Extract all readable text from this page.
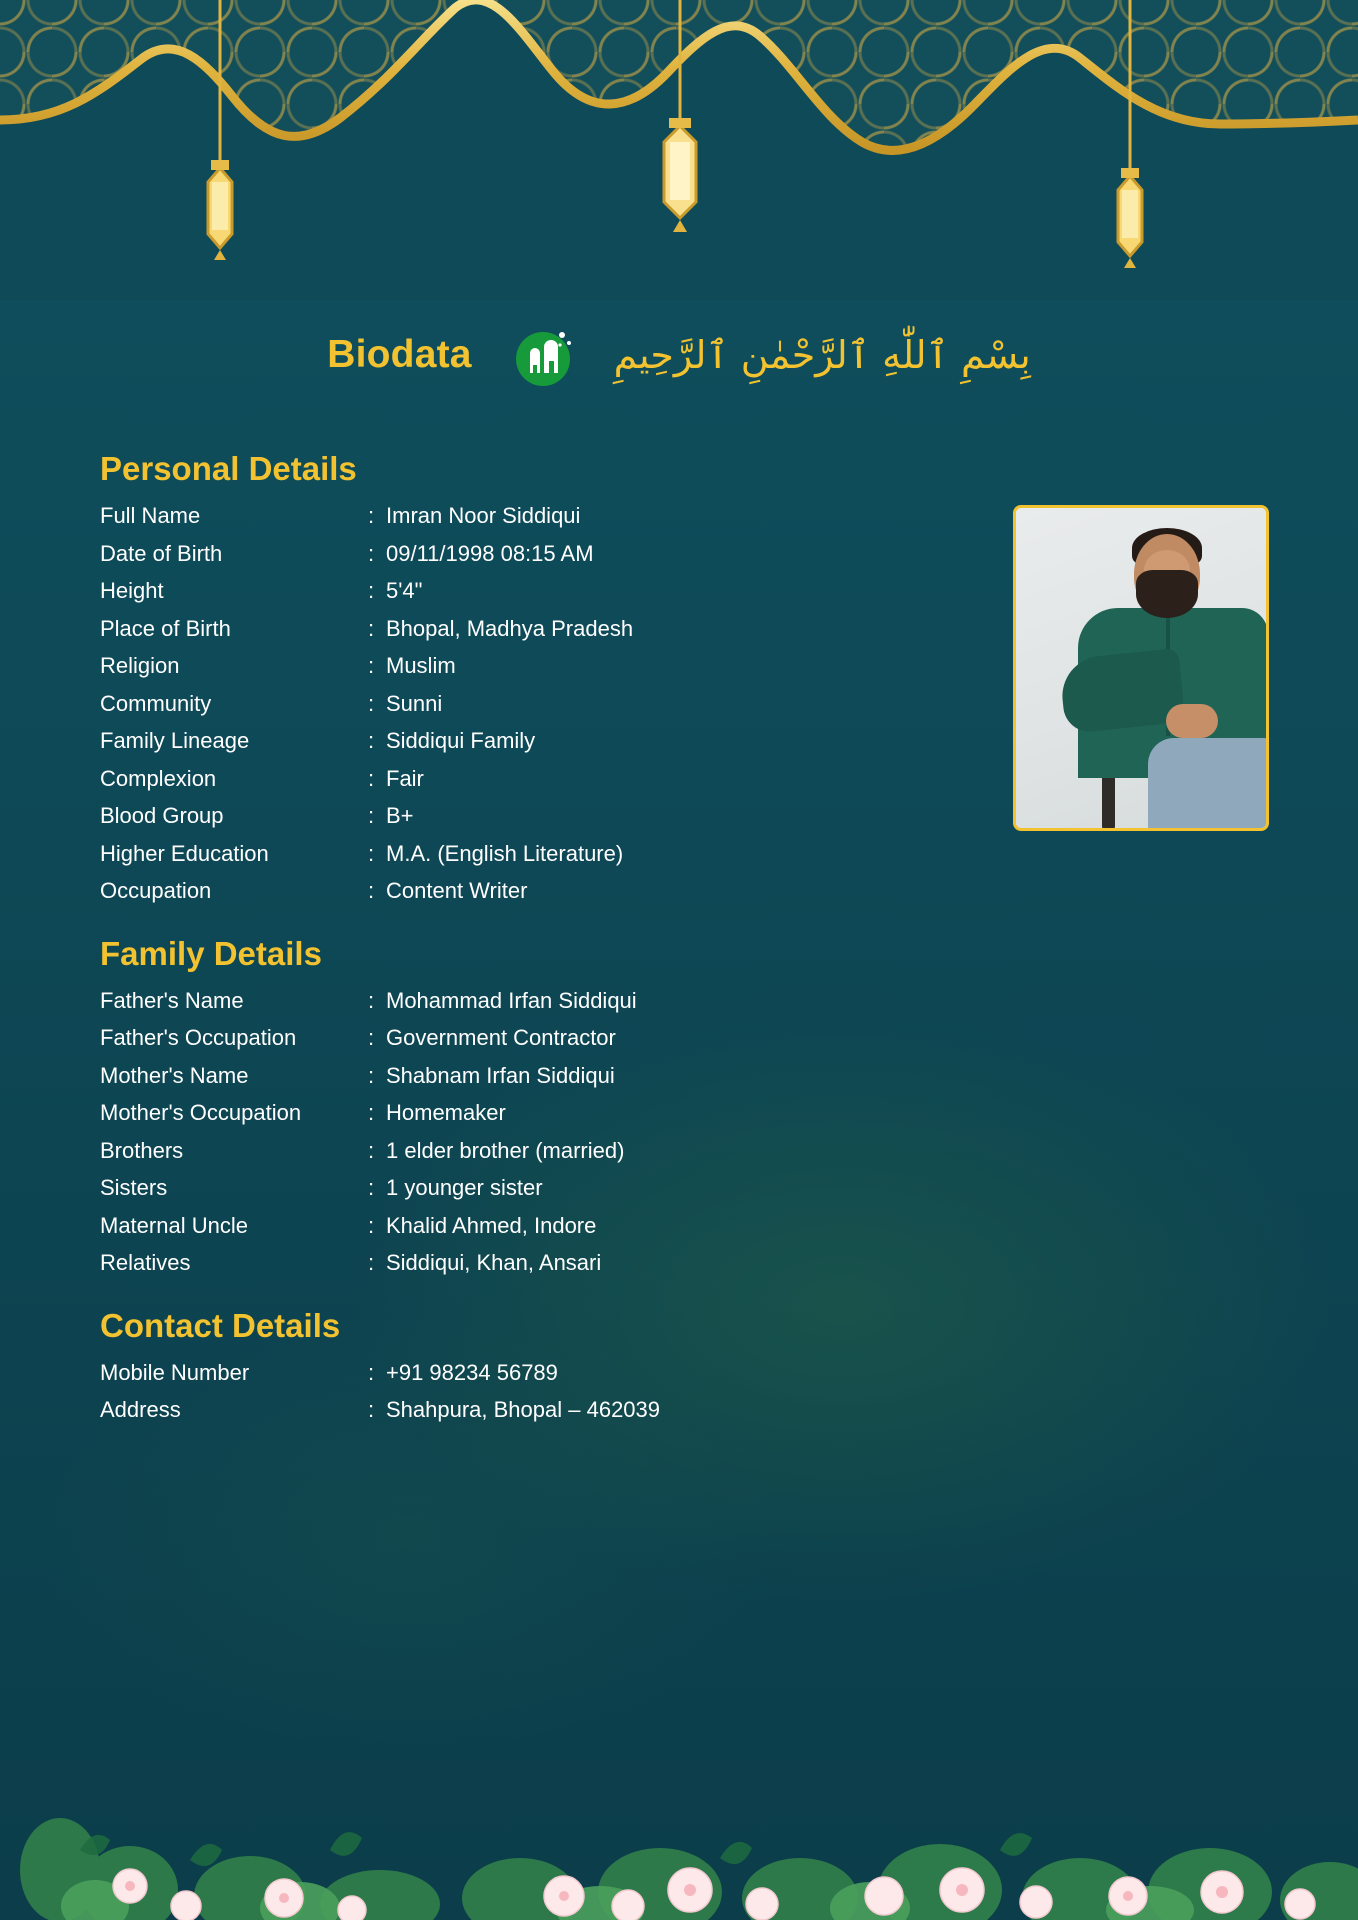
Biodata	بِسْمِ ٱللّٰهِ ٱلرَّحْمٰنِ ٱلرَّحِيمِ
Personal Details
Full Name	: Imran Noor Siddiqui
Date of Birth	: 09/11/1998 08:15 AM
Height	: 5'4"
Place of Birth	: Bhopal, Madhya Pradesh
Religion	: Muslim
Community	: Sunni
Family Lineage	: Siddiqui Family
Complexion	: Fair
Blood Group	: B+
Higher Education	: M.A. (English Literature)
Occupation	: Content Writer
Family Details
Father's Name	: Mohammad Irfan Siddiqui
Father's Occupation	: Government Contractor
Mother's Name	: Shabnam Irfan Siddiqui
Mother's Occupation	: Homemaker
Brothers	: 1 elder brother (married)
Sisters	: 1 younger sister
Maternal Uncle	: Khalid Ahmed, Indore
Relatives	: Siddiqui, Khan, Ansari
Contact Details
Mobile Number	: +91 98234 56789
Address	: Shahpura, Bhopal – 462039
